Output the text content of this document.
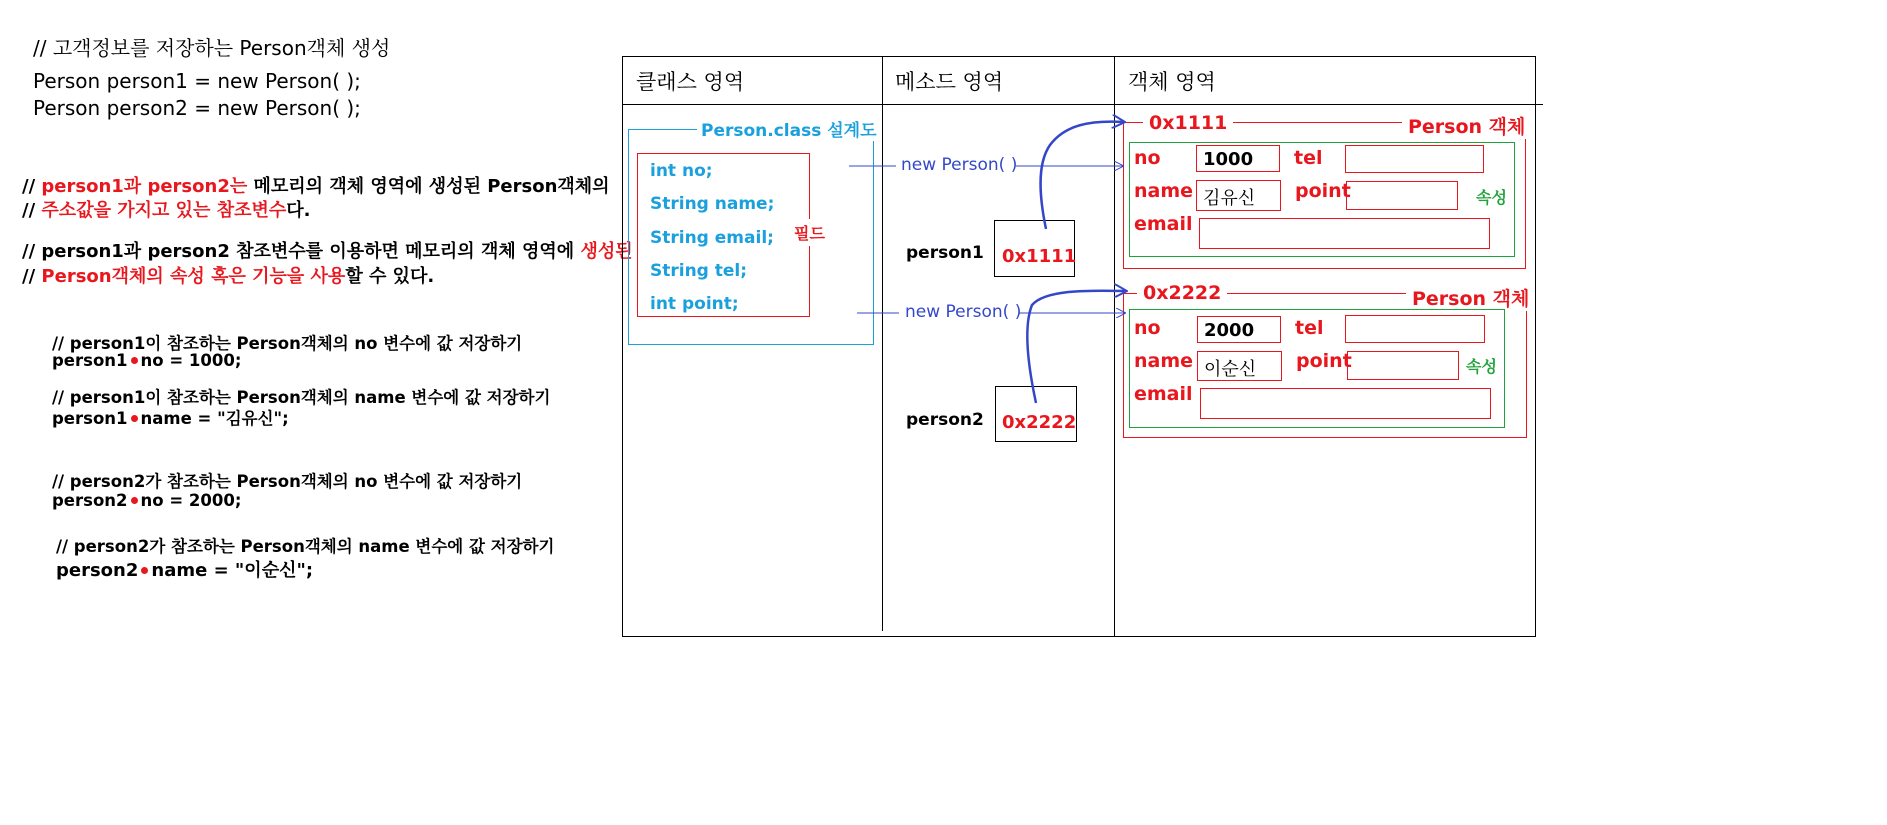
// 고객정보를 저장하는 Person객체 생성
Person person1 = new Person( );
Person person2 = new Person( );
// person1과 person2는 메모리의 객체 영역에 생성된 Person객체의
// 주소값을 가지고 있는 참조변수다.
// person1과 person2 참조변수를 이용하면 메모리의 객체 영역에 생성된
// Person객체의 속성 혹은 기능을 사용할 수 있다.
// person1이 참조하는 Person객체의 no 변수에 값 저장하기
person1 no = 1000;
// person1이 참조하는 Person객체의 name 변수에 값 저장하기
person1 name = "김유신";
// person2가 참조하는 Person객체의 no 변수에 값 저장하기
person2 no = 2000;
// person2가 참조하는 Person객체의 name 변수에 값 저장하기
person2 name = "이순신";
클래스 영역	메소드 영역	객체 영역
Person.class 설계도
int no;
String name;
String email;
String tel;
int point;
필드
new Person( )
new Person( )
person1 0x1111
person2 0x2222
0x1111	Person 객체
no	1000	tel
name 김유신	point	속성
email
0x2222	Person 객체
no	2000	tel
name 이순신	point	속성
email
